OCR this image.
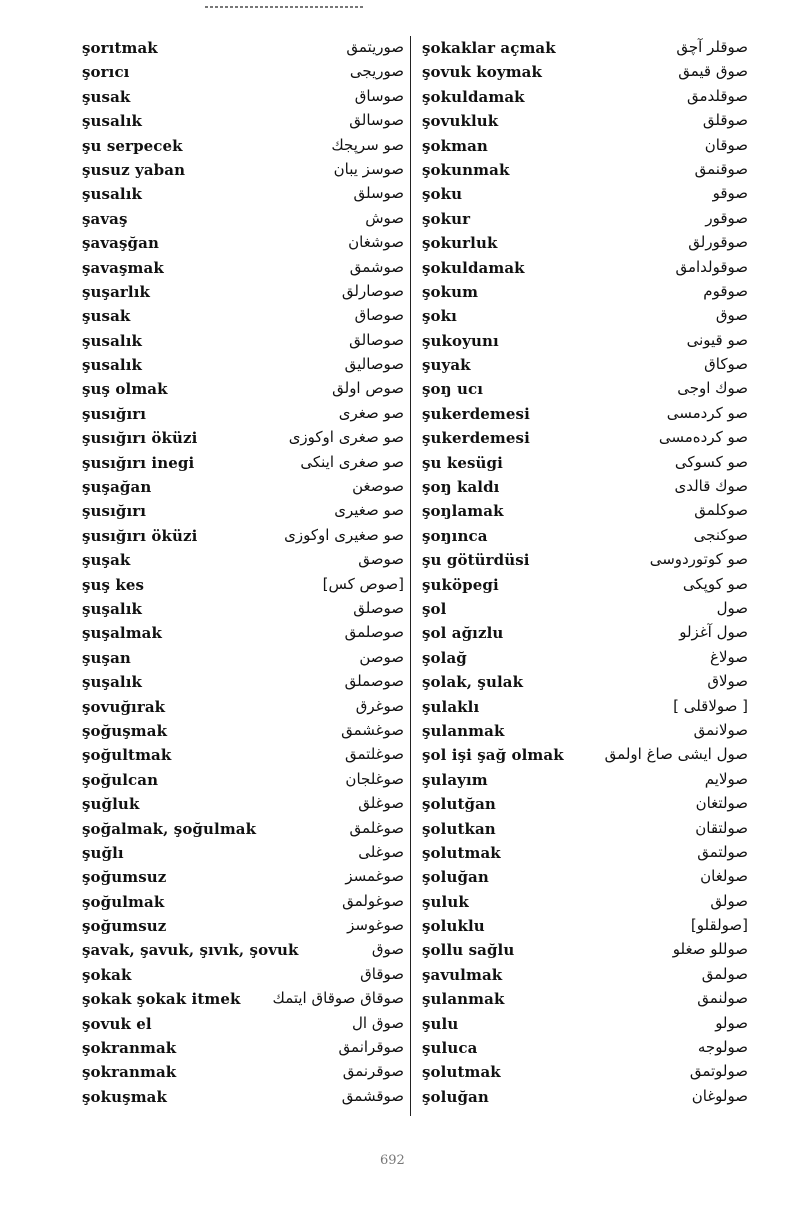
şorıtmak	صوريتمق
şorıcı	صوريجى
şusak	صوساق
şusalık	صوسالق
şu serpecek	صو سرپجك
şusuz yaban	صوسز يبان
şusalık	صوسلق
şavaş	صوش
şavaşğan	صوشغان
şavaşmak	صوشمق
şuşarlık	صوصارلق
şusak	صوصاق
şusalık	صوصالق
şusalık	صوصالیق
şuş olmak	صوص اولق
şusığırı	صو صغرى
şusığırı öküzi	صو صغرى اوكوزى
şusığırı inegi	صو صغرى اينكى
şuşağan	صوصغن
şusığırı	صو صغيرى
şusığırı öküzi	صو صغيرى اوكوزى
şuşak	صوصق
şuş kes	[صوص كس]
şuşalık	صوصلق
şuşalmak	صوصلمق
şuşan	صوصن
şuşalık	صوصملق
şovuğırak	صوغرق
şoğuşmak	صوغشمق
şoğultmak	صوغلتمق
şoğulcan	صوغلجان
şuğluk	صوغلق
şoğalmak, şoğulmak	صوغلمق
şuğlı	صوغلى
şoğumsuz	صوغمسز
şoğulmak	صوغولمق
şoğumsuz	صوغوسز
şavak, şavuk, şıvık, şovuk	صوق
şokak	صوقاق
şokak şokak itmek صوقاق صوقاق ایتمك
şovuk el	صوق ال
şokranmak	صوقرانمق
şokranmak	صوقرنمق
şokuşmak	صوقشمق
şokaklar açmak	صوقلر آچق
şovuk koymak	صوق قيمق
şokuldamak	صوقلدمق
şovukluk	صوقلق
şokman	صوقان
şokunmak	صوقنمق
şoku	صوقو
şokur	صوقور
şokurluk	صوقورلق
şokuldamak	صوقولدامق
şokum	صوقوم
şokı	صوق
şukoyunı	صو قيونى
şuyak	صوكاق
şoŋ ucı	صوك اوجى
şukerdemesi	صو كردمسى
şukerdemesi	صو كردەمسى
şu kesügi	صو كسوكى
şoŋ kaldı	صوك قالدى
şoŋlamak	صوكلمق
şoŋınca	صوكنجى
şu götürdüsi	صو كوتوردوسى
şuköpegi	صو كوپكى
şol	صول
şol ağızlu	صول آغزلو
şolağ	صولاغ
şolak, şulak	صولاق
şulaklı	[ صولاقلى ]
şulanmak	صولانمق
şol işi şağ olmak	صول ایشى صاغ اولمق
şulayım	صولايم
şolutğan	صولتغان
şolutkan	صولتقان
şolutmak	صولتمق
şoluğan	صولغان
şuluk	صولق
şoluklu	[صولقلو]
şollu sağlu	صوللو صغلو
şavulmak	صولمق
şulanmak	صولنمق
şulu	صولو
şuluca	صولوجه
şolutmak	صولوتمق
şoluğan	صولوغان
692
